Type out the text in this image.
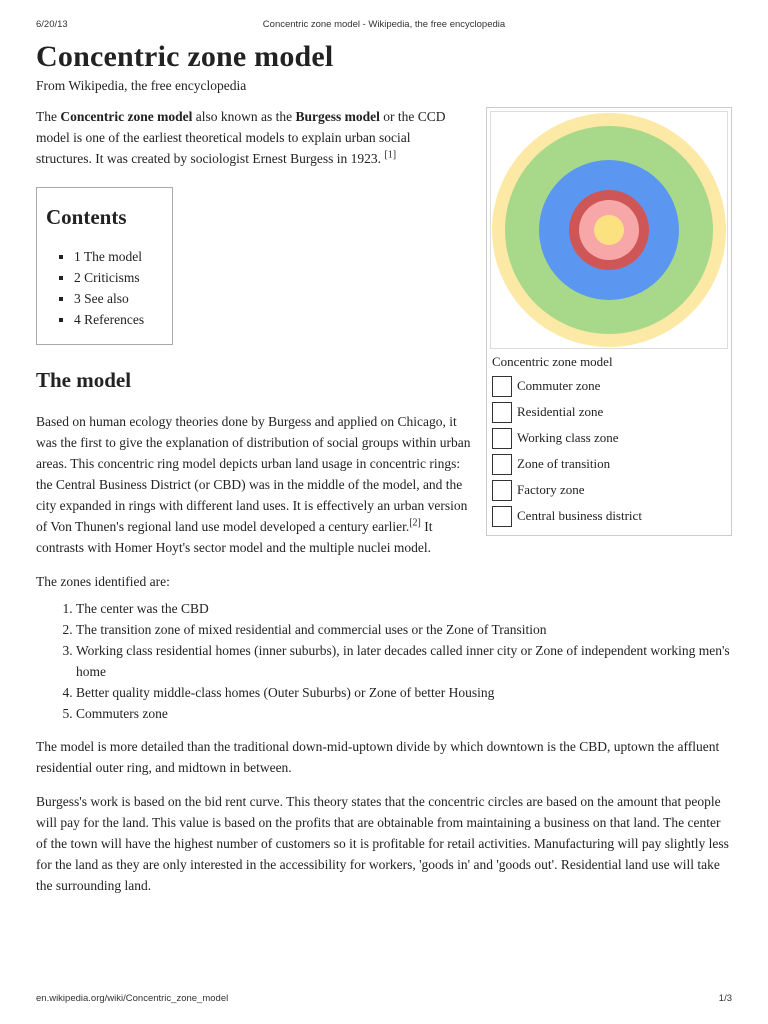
6/20/13	Concentric zone model - Wikipedia, the free encyclopedia
Concentric zone model
From Wikipedia, the free encyclopedia
Concentric zone model
Commuter zone
Residential zone
Working class zone
Zone of transition
Factory zone
Central business district

The Concentric zone model also known as the Burgess model or the CCD model is one of the earliest theoretical models to explain urban social structures. It was created by sociologist Ernest Burgess in 1923. [1]

Contents
▪ 1 The model
▪ 2 Criticisms
▪ 3 See also
▪ 4 References
The model

Based on human ecology theories done by Burgess and applied on Chicago, it was the first to give the explanation of distribution of social groups within urban areas. This concentric ring model depicts urban land usage in concentric rings: the Central Business District (or CBD) was in the middle of the model, and the city expanded in rings with different land uses. It is effectively an urban version of Von Thunen's regional land use model developed a century earlier.[2] It contrasts with Homer Hoyt's sector model and the multiple nuclei model.

The zones identified are:

1. The center was the CBD
2. The transition zone of mixed residential and commercial uses or the Zone of Transition
3. Working class residential homes (inner suburbs), in later decades called inner city or Zone of independent working men's home
4. Better quality middle-class homes (Outer Suburbs) or Zone of better Housing
5. Commuters zone

The model is more detailed than the traditional down-mid-uptown divide by which downtown is the CBD, uptown the affluent residential outer ring, and midtown in between.

Burgess's work is based on the bid rent curve. This theory states that the concentric circles are based on the amount that people will pay for the land. This value is based on the profits that are obtainable from maintaining a business on that land. The center of the town will have the highest number of customers so it is profitable for retail activities. Manufacturing will pay slightly less for the land as they are only interested in the accessibility for workers, 'goods in' and 'goods out'. Residential land use will take the surrounding land.

en.wikipedia.org/wiki/Concentric_zone_model	1/3
